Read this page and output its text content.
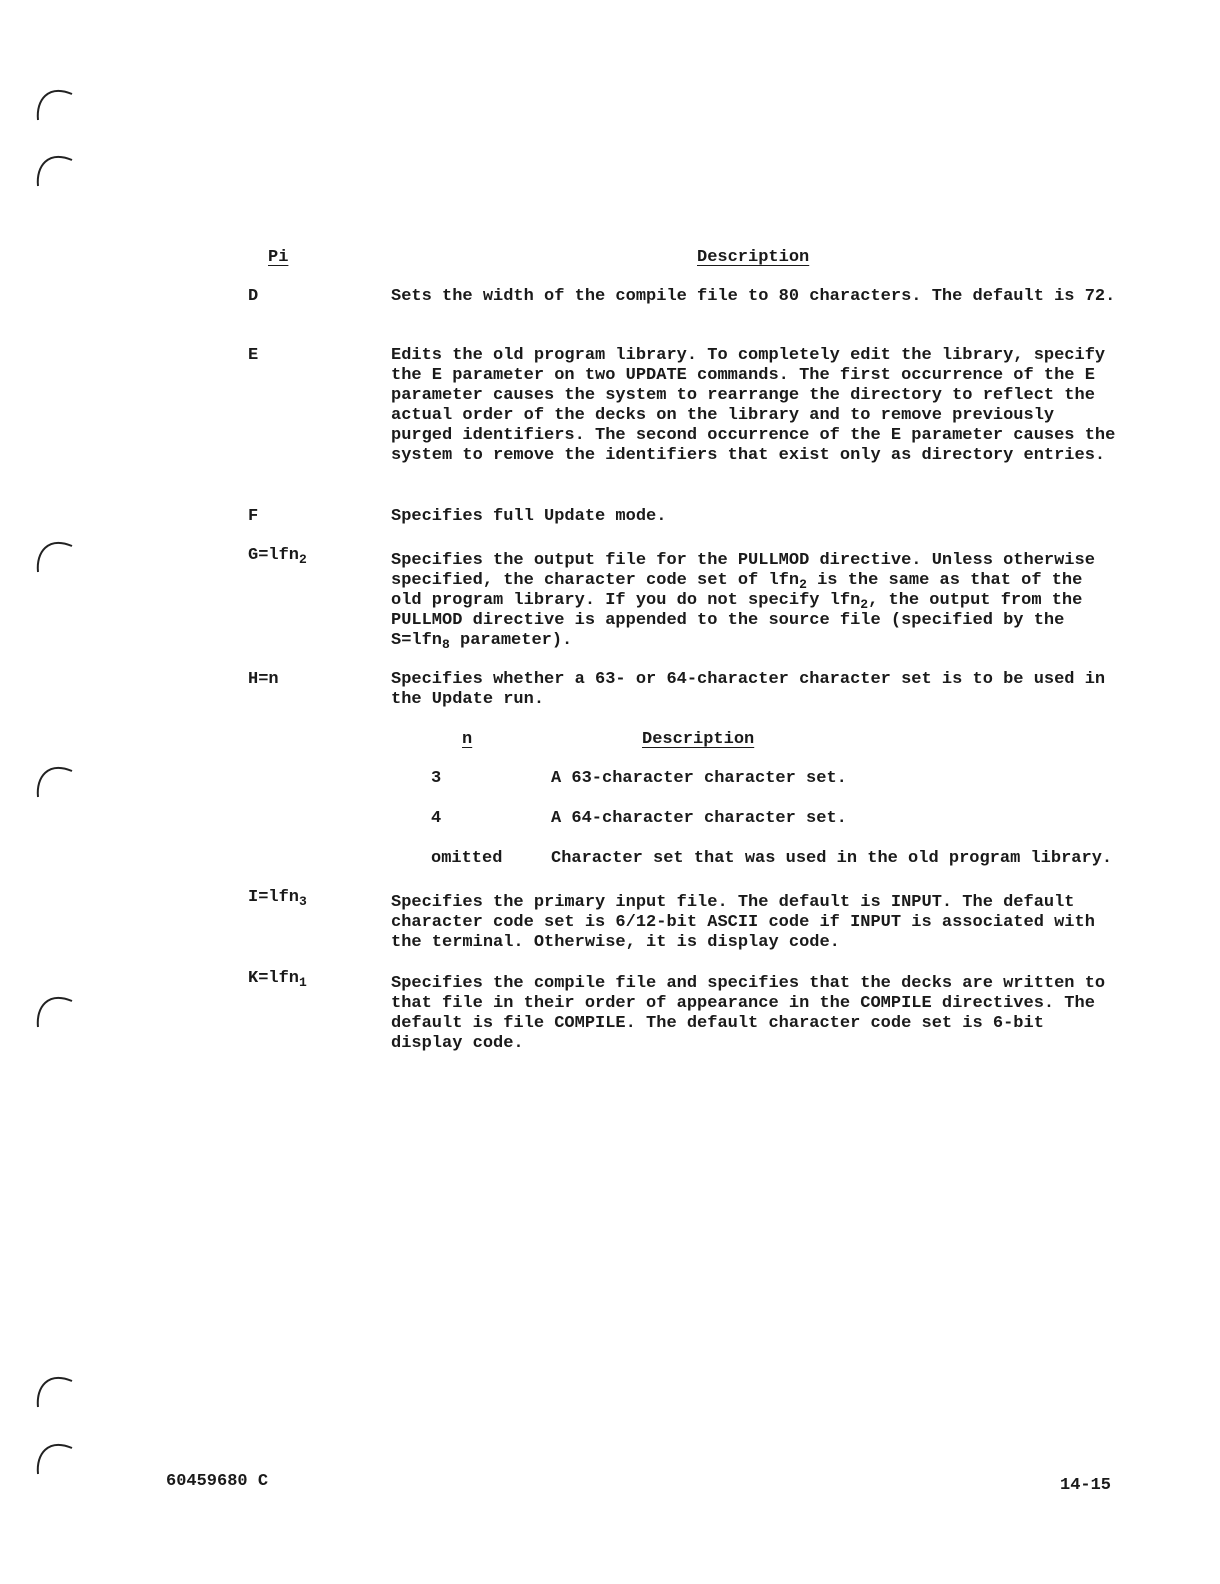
Pi	Description
D	Sets the width of the compile file to 80 characters. The default is 72.
E	Edits the old program library. To completely edit the library, specify the E parameter on two UPDATE commands. The first occurrence of the E parameter causes the system to rearrange the directory to reflect the actual order of the decks on the library and to remove previously purged identifiers. The second occurrence of the E parameter causes the system to remove the identifiers that exist only as directory entries.
F	Specifies full Update mode.
G=lfn$_2$	Specifies the output file for the PULLMOD directive. Unless otherwise specified, the character code set of lfn$_2$ is the same as that of the old program library. If you do not specify lfn$_2$, the output from the PULLMOD directive is appended to the source file (specified by the S=lfn$_8$ parameter).
H=n	Specifies whether a 63- or 64-character character set is to be used in the Update run.
n	Description
3	A 63-character character set.
4	A 64-character character set.
omitted	Character set that was used in the old program library.
I=lfn$_3$	Specifies the primary input file. The default is INPUT. The default character code set is 6/12-bit ASCII code if INPUT is associated with the terminal. Otherwise, it is display code.
K=lfn$_1$	Specifies the compile file and specifies that the decks are written to that file in their order of appearance in the COMPILE directives. The default is file COMPILE. The default character code set is 6-bit display code.
60459680 C	14-15
